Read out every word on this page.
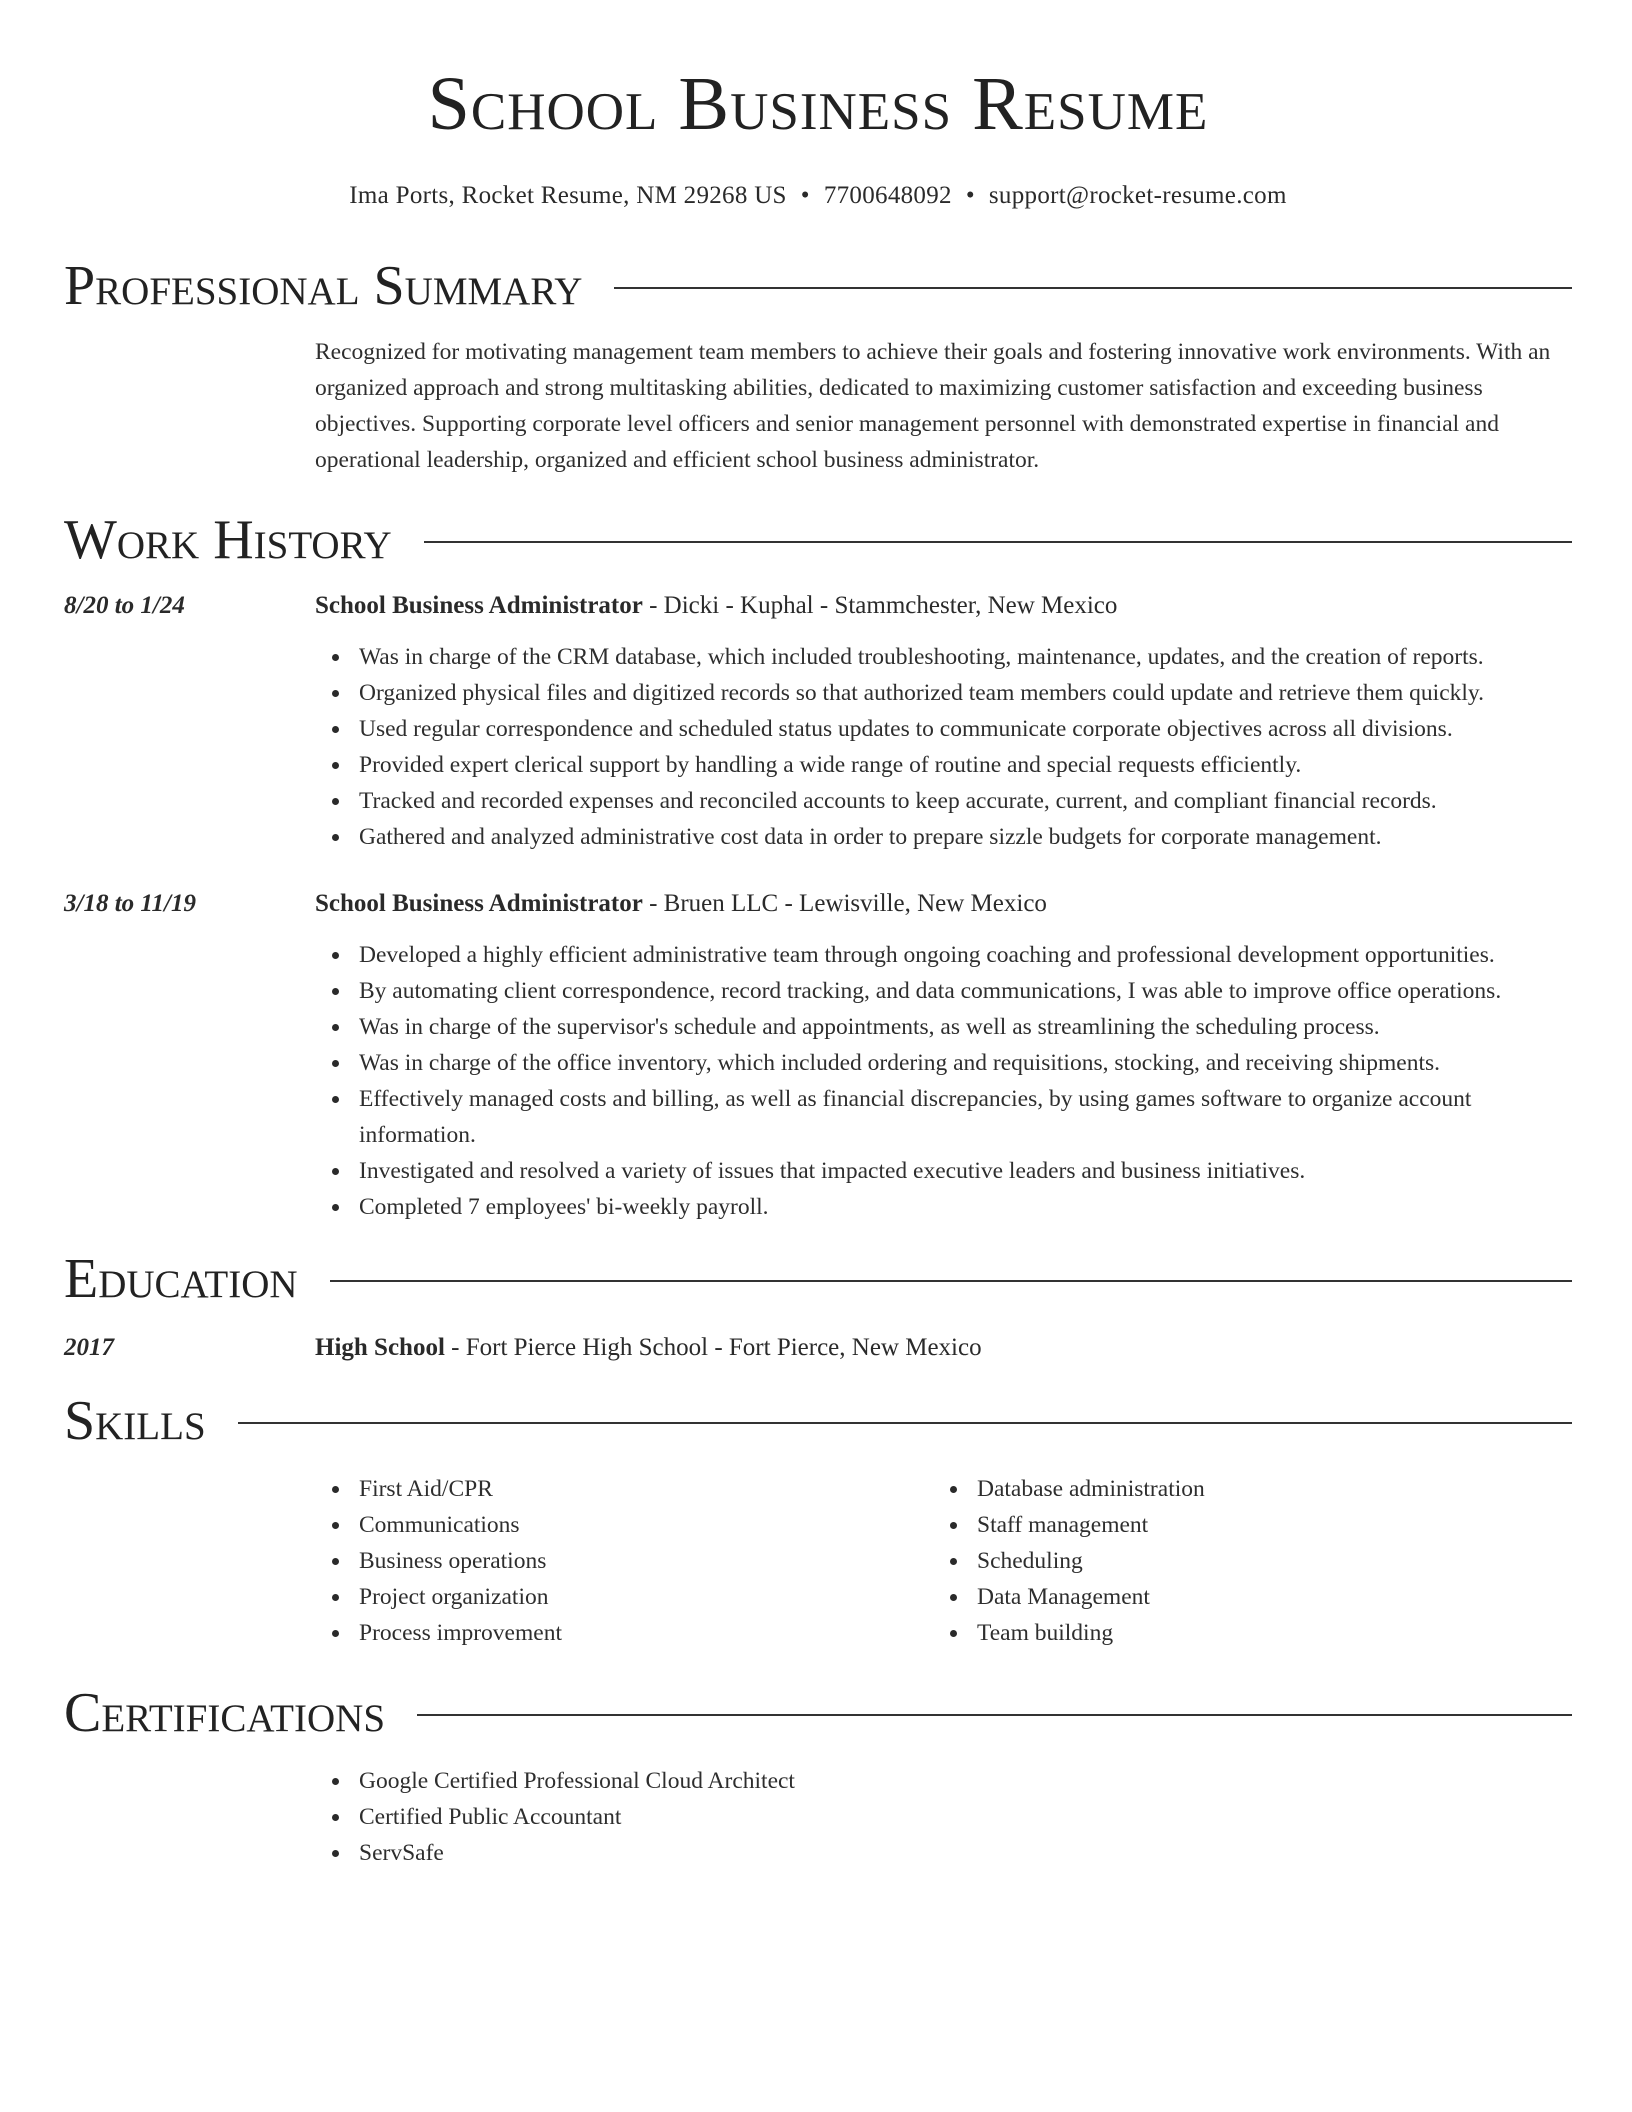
School Business Resume
Ima Ports, Rocket Resume, NM 29268 US • 7700648092 • support@rocket-resume.com
Professional Summary

Recognized for motivating management team members to achieve their goals and fostering innovative work environments. With an organized approach and strong multitasking abilities, dedicated to maximizing customer satisfaction and exceeding business objectives. Supporting corporate level officers and senior management personnel with demonstrated expertise in financial and operational leadership, organized and efficient school business administrator.

Work History
8/20 to 1/24	School Business Administrator - Dicki - Kuphal - Stammchester, New Mexico
Was in charge of the CRM database, which included troubleshooting, maintenance, updates, and the creation of reports.
Organized physical files and digitized records so that authorized team members could update and retrieve them quickly.
Used regular correspondence and scheduled status updates to communicate corporate objectives across all divisions.
Provided expert clerical support by handling a wide range of routine and special requests efficiently.
Tracked and recorded expenses and reconciled accounts to keep accurate, current, and compliant financial records.
Gathered and analyzed administrative cost data in order to prepare sizzle budgets for corporate management.
3/18 to 11/19	School Business Administrator - Bruen LLC - Lewisville, New Mexico
Developed a highly efficient administrative team through ongoing coaching and professional development opportunities.
By automating client correspondence, record tracking, and data communications, I was able to improve office operations.
Was in charge of the supervisor's schedule and appointments, as well as streamlining the scheduling process.
Was in charge of the office inventory, which included ordering and requisitions, stocking, and receiving shipments.
Effectively managed costs and billing, as well as financial discrepancies, by using games software to organize account information.
Investigated and resolved a variety of issues that impacted executive leaders and business initiatives.
Completed 7 employees' bi-weekly payroll.
Education
2017	High School - Fort Pierce High School - Fort Pierce, New Mexico
Skills
First Aid/CPR
Communications
Business operations
Project organization
Process improvement
Database administration
Staff management
Scheduling
Data Management
Team building
Certifications
Google Certified Professional Cloud Architect
Certified Public Accountant
ServSafe
